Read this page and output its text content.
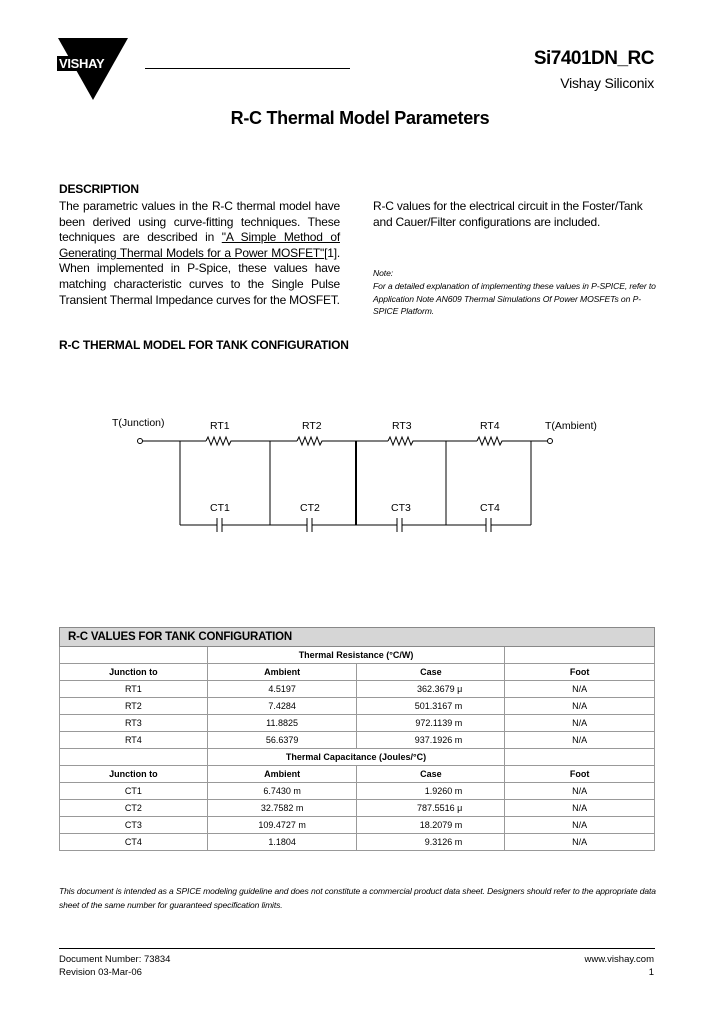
VISHAY	Si7401DN_RC
Vishay Siliconix
R-C Thermal Model Parameters
DESCRIPTION
The parametric values in the R-C thermal model have been derived using curve-fitting techniques. These techniques are described in "A Simple Method of Generating Thermal Models for a Power MOSFET"[1]. When implemented in P-Spice, these values have matching characteristic curves to the Single Pulse Transient Thermal Impedance curves for the MOSFET.
R-C values for the electrical circuit in the Foster/Tank and Cauer/Filter configurations are included.
Note:
For a detailed explanation of implementing these values in P-SPICE, refer to Application Note AN609 Thermal Simulations Of Power MOSFETs on P-SPICE Platform.
R-C THERMAL MODEL FOR TANK CONFIGURATION
T(Junction)	T(Ambient)
RT1	RT2	RT3	RT4
CT1	CT2	CT3	CT4
R-C VALUES FOR TANK CONFIGURATION			
	Thermal Resistance (°C/W)		
Junction to	Ambient	Case	Foot
RT1	4.5197	362.3679 μ	N/A
RT2	7.4284	501.3167 m	N/A
RT3	11.8825	972.1139 m	N/A
RT4	56.6379	937.1926 m	N/A
	Thermal Capacitance (Joules/°C)		
Junction to	Ambient	Case	Foot
CT1	6.7430 m	1.9260 m	N/A
CT2	32.7582 m	787.5516 μ	N/A
CT3	109.4727 m	18.2079 m	N/A
CT4	1.1804	9.3126 m	N/A
This document is intended as a SPICE modeling guideline and does not constitute a commercial product data sheet. Designers should refer to the appropriate data sheet of the same number for guaranteed specification limits.
Document Number: 73834
Revision 03-Mar-06
www.vishay.com
1
